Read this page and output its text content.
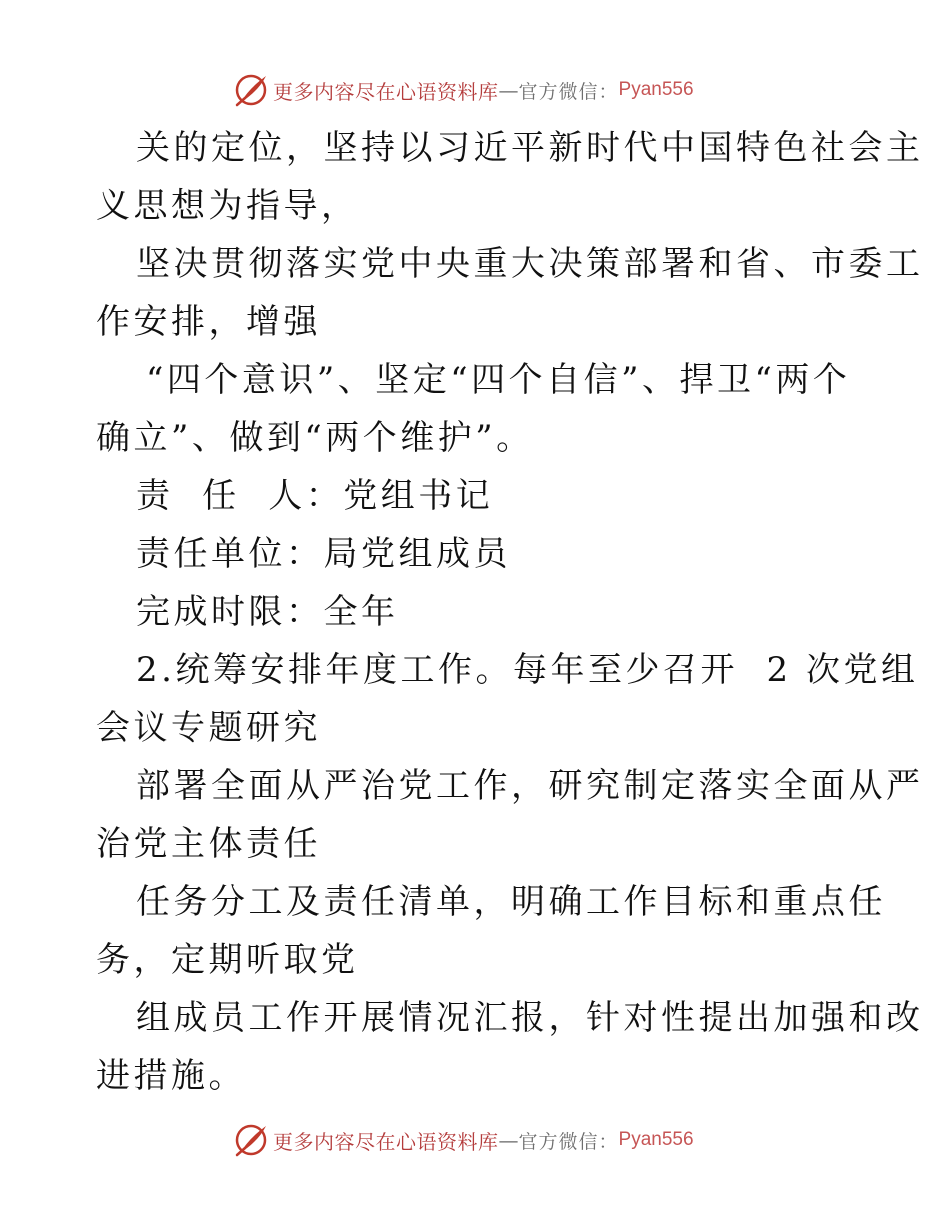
更多内容尽在心语资料库 — 官方微信： Pyan556
关的定位，坚持以习近平新时代中国特色社会主
义思想为指导，
坚决贯彻落实党中央重大决策部署和省、市委工
作安排，增强
“四个意识”、坚定“四个自信”、捍卫“两个
确立”、做到“两个维护”。
责  任  人：党组书记
责任单位：局党组成员
完成时限：全年
2.统筹安排年度工作。每年至少召开  2 次党组
会议专题研究
部署全面从严治党工作，研究制定落实全面从严
治党主体责任
任务分工及责任清单，明确工作目标和重点任
务，定期听取党
组成员工作开展情况汇报，针对性提出加强和改
进措施。
更多内容尽在心语资料库 — 官方微信： Pyan556
